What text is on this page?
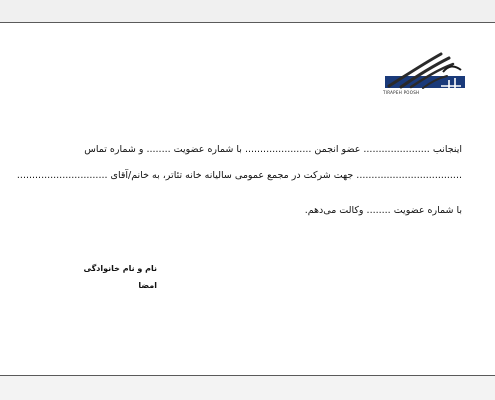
TIRAPEH POOSH
اینجانب ...................... عضو انجمن ...................... با شماره عضویت ........ و شماره تماس
................................... جهت شرکت در مجمع عمومی سالیانه خانه تئاتر، به خانم/آقای ..............................
با شماره عضویت ........ وکالت می‌دهم.
نام و نام خانوادگی
امضا
